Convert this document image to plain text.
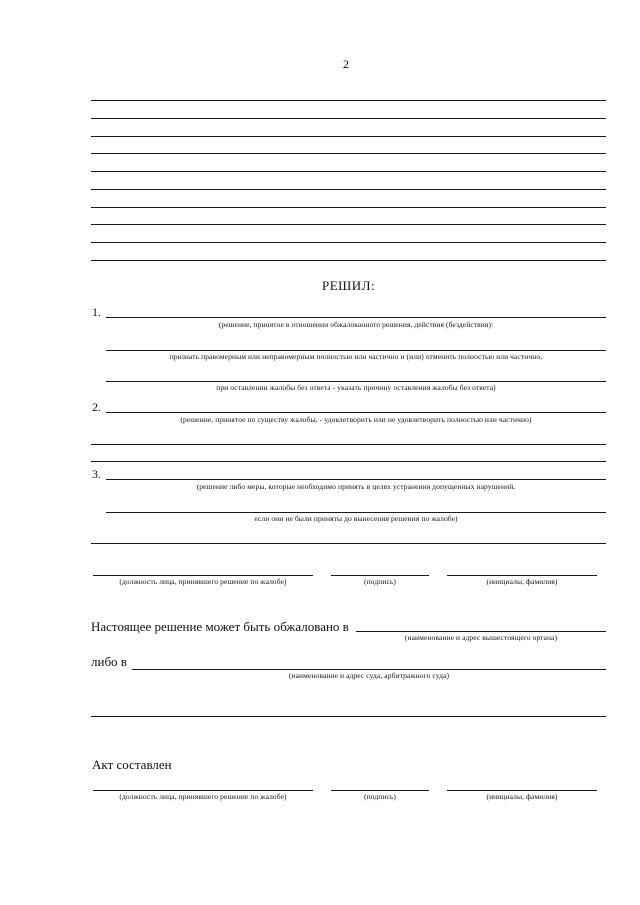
2
РЕШИЛ:
1.
(решение, принятое в отношении обжалованного решения, действия (бездействия):
признать правомерным или неправомерным полностью или частично и (или) отменить полностью или частично,
при оставлении жалобы без ответа - указать причину оставления жалобы без ответа)
2.
(решение, принятое по существу жалобы, - удовлетворить или не удовлетворить полностью или частично)
3.
(решение либо меры, которые необходимо принять в целях устранения допущенных нарушений,
если они не были приняты до вынесения решения по жалобе)
(должность лица, принявшего решение по жалобе)	(подпись)	(инициалы, фамилия)
Настоящее решение может быть обжаловано в
(наименование и адрес вышестоящего органа)
либо в
(наименование и адрес суда, арбитражного суда)
Акт составлен
(должность лица, принявшего решение по жалобе)	(подпись)	(инициалы, фамилия)
